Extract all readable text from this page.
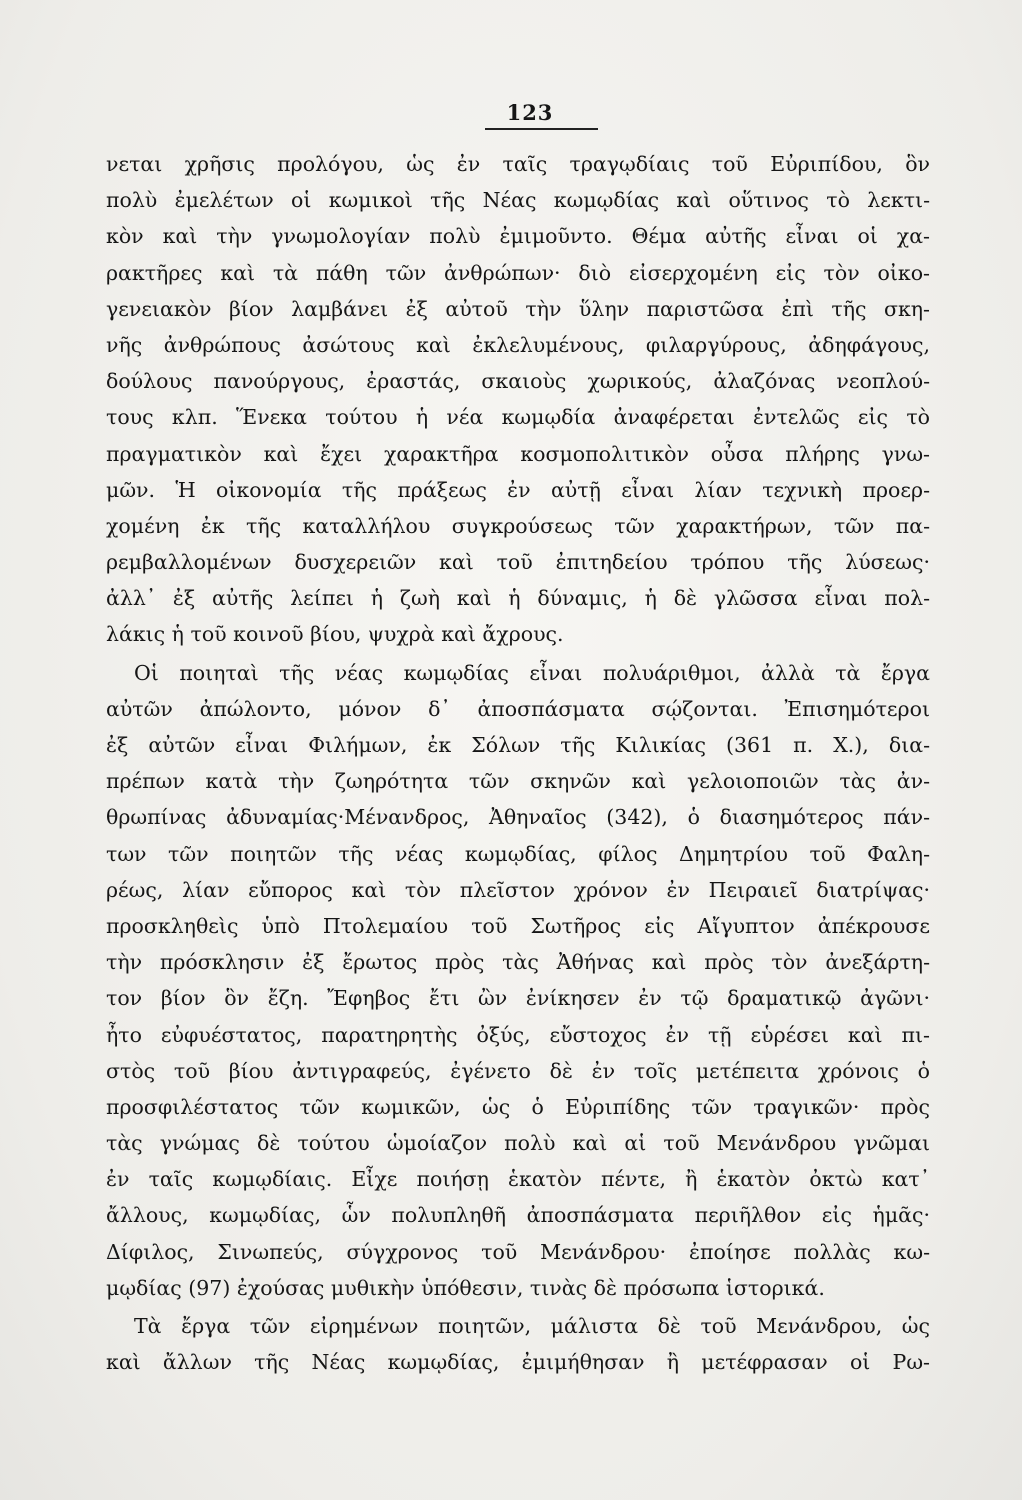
123
νεται χρῆσις προλόγου, ὡς ἐν ταῖς τραγῳδίαις τοῦ Εὐριπίδου, ὃν
πολὺ ἐμελέτων οἱ κωμικοὶ τῆς Νέας κωμῳδίας καὶ οὕτινος τὸ λεκτι-
κὸν καὶ τὴν γνωμολογίαν πολὺ ἐμιμοῦντο. Θέμα αὐτῆς εἶναι οἱ χα-
ρακτῆρες καὶ τὰ πάθη τῶν ἀνθρώπων· διὸ εἰσερχομένη εἰς τὸν οἰκο-
γενειακὸν βίον λαμβάνει ἐξ αὐτοῦ τὴν ὕλην παριστῶσα ἐπὶ τῆς σκη-
νῆς ἀνθρώπους ἀσώτους καὶ ἐκλελυμένους, φιλαργύρους, ἀδηφάγους,
δούλους πανούργους, ἐραστάς, σκαιοὺς χωρικούς, ἀλαζόνας νεοπλού-
τους κλπ. Ἕνεκα τούτου ἡ νέα κωμῳδία ἀναφέρεται ἐντελῶς εἰς τὸ
πραγματικὸν καὶ ἔχει χαρακτῆρα κοσμοπολιτικὸν οὖσα πλήρης γνω-
μῶν. Ἡ οἰκονομία τῆς πράξεως ἐν αὐτῇ εἶναι λίαν τεχνικὴ προερ-
χομένη ἐκ τῆς καταλλήλου συγκρούσεως τῶν χαρακτήρων, τῶν πα-
ρεμβαλλομένων δυσχερειῶν καὶ τοῦ ἐπιτηδείου τρόπου τῆς λύσεως·
ἀλλ᾽ ἐξ αὐτῆς λείπει ἡ ζωὴ καὶ ἡ δύναμις, ἡ δὲ γλῶσσα εἶναι πολ-
λάκις ἡ τοῦ κοινοῦ βίου, ψυχρὰ καὶ ἄχρους.
Οἱ ποιηταὶ τῆς νέας κωμῳδίας εἶναι πολυάριθμοι, ἀλλὰ τὰ ἔργα
αὐτῶν ἀπώλοντο, μόνον δ᾽ ἀποσπάσματα σῴζονται. Ἐπισημότεροι
ἐξ αὐτῶν εἶναι Φιλήμων, ἐκ Σόλων τῆς Κιλικίας (361 π. Χ.), δια-
πρέπων κατὰ τὴν ζωηρότητα τῶν σκηνῶν καὶ γελοιοποιῶν τὰς ἀν-
θρωπίνας ἀδυναμίας·Μένανδρος, Ἀθηναῖος (342), ὁ διασημότερος πάν-
των τῶν ποιητῶν τῆς νέας κωμῳδίας, φίλος Δημητρίου τοῦ Φαλη-
ρέως, λίαν εὔπορος καὶ τὸν πλεῖστον χρόνον ἐν Πειραιεῖ διατρίψας·
προσκληθεὶς ὑπὸ Πτολεμαίου τοῦ Σωτῆρος εἰς Αἴγυπτον ἀπέκρουσε
τὴν πρόσκλησιν ἐξ ἔρωτος πρὸς τὰς Ἀθήνας καὶ πρὸς τὸν ἀνεξάρτη-
τον βίον ὃν ἔζη. Ἔφηβος ἔτι ὢν ἐνίκησεν ἐν τῷ δραματικῷ ἀγῶνι·
ἦτο εὐφυέστατος, παρατηρητὴς ὀξύς, εὔστοχος ἐν τῇ εὑρέσει καὶ πι-
στὸς τοῦ βίου ἀντιγραφεύς, ἐγένετο δὲ ἐν τοῖς μετέπειτα χρόνοις ὁ
προσφιλέστατος τῶν κωμικῶν, ὡς ὁ Εὐριπίδης τῶν τραγικῶν· πρὸς
τὰς γνώμας δὲ τούτου ὡμοίαζον πολὺ καὶ αἱ τοῦ Μενάνδρου γνῶμαι
ἐν ταῖς κωμῳδίαις. Εἶχε ποιήσῃ ἑκατὸν πέντε, ἢ ἑκατὸν ὀκτὼ κατ᾽
ἄλλους, κωμῳδίας, ὧν πολυπληθῆ ἀποσπάσματα περιῆλθον εἰς ἡμᾶς·
Δίφιλος, Σινωπεύς, σύγχρονος τοῦ Μενάνδρου· ἐποίησε πολλὰς κω-
μῳδίας (97) ἐχούσας μυθικὴν ὑπόθεσιν, τινὰς δὲ πρόσωπα ἱστορικά.
Τὰ ἔργα τῶν εἰρημένων ποιητῶν, μάλιστα δὲ τοῦ Μενάνδρου, ὡς
καὶ ἄλλων τῆς Νέας κωμῳδίας, ἐμιμήθησαν ἢ μετέφρασαν οἱ Ρω-
